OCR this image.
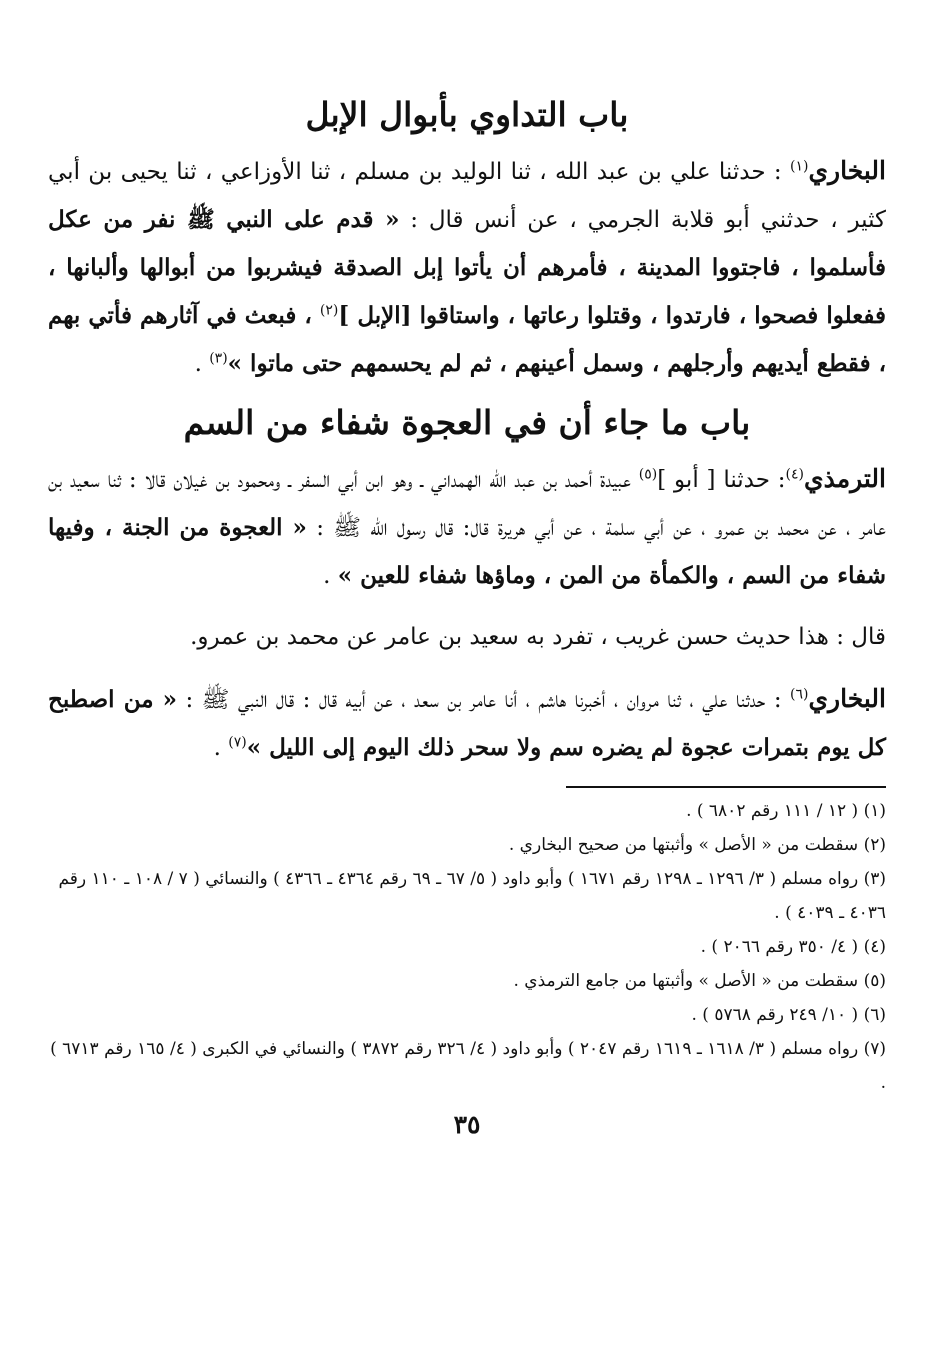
باب التداوي بأبوال الإبل

البخاري$^{(١)}$ : حدثنا علي بن عبد الله ، ثنا الوليد بن مسلم ، ثنا الأوزاعي ، ثنا يحيى بن أبي كثير ، حدثني أبو قلابة الجرمي ، عن أنس قال : « قدم على النبي ﷺ نفر من عكل فأسلموا ، فاجتووا المدينة ، فأمرهم أن يأتوا إبل الصدقة فيشربوا من أبوالها وألبانها ، ففعلوا فصحوا ، فارتدوا ، وقتلوا رعاتها ، واستاقوا [الإبل ]$^{(٢)}$ ، فبعث في آثارهم فأتي بهم ، فقطع أيديهم وأرجلهم ، وسمل أعينهم ، ثم لم يحسمهم حتى ماتوا »$^{(٣)}$ .

باب ما جاء أن في العجوة شفاء من السم

الترمذي$^{(٤)}$: حدثنا [ أبو ]$^{(٥)}$ عبيدة أحمد بن عبد الله الهمداني ـ وهو ابن أبي السفر ـ ومحمود بن غيلان قالا : ثنا سعيد بن عامر ، عن محمد بن عمرو ، عن أبي سلمة ، عن أبي هريرة قال: قال رسول الله ﷺ : « العجوة من الجنة ، وفيها شفاء من السم ، والكمأة من المن ، وماؤها شفاء للعين » .

قال : هذا حديث حسن غريب ، تفرد به سعيد بن عامر عن محمد بن عمرو.

البخاري$^{(٦)}$ : حدثنا علي ، ثنا مروان ، أخبرنا هاشم ، أنا عامر بن سعد ، عن أبيه قال : قال النبي ﷺ : « من اصطبح كل يوم بتمرات عجوة لم يضره سم ولا سحر ذلك اليوم إلى الليل »$^{(٧)}$ .

(١) ( ١٢ / ١١١ رقم ٦٨٠٢ ) .
(٢) سقطت من « الأصل » وأثبتها من صحيح البخاري .
(٣) رواه مسلم ( ٣/ ١٢٩٦ ـ ١٢٩٨ رقم ١٦٧١ ) وأبو داود ( ٥/ ٦٧ ـ ٦٩ رقم ٤٣٦٤ ـ ٤٣٦٦ ) والنسائي ( ٧ / ١٠٨ ـ ١١٠ رقم ٤٠٣٦ ـ ٤٠٣٩ ) .
(٤) ( ٤/ ٣٥٠ رقم ٢٠٦٦ ) .
(٥) سقطت من « الأصل » وأثبتها من جامع الترمذي .
(٦) ( ١٠/ ٢٤٩ رقم ٥٧٦٨ ) .
(٧) رواه مسلم ( ٣/ ١٦١٨ ـ ١٦١٩ رقم ٢٠٤٧ ) وأبو داود ( ٤/ ٣٢٦ رقم ٣٨٧٢ ) والنسائي في الكبرى ( ٤/ ١٦٥ رقم ٦٧١٣ ) .
٣٥
